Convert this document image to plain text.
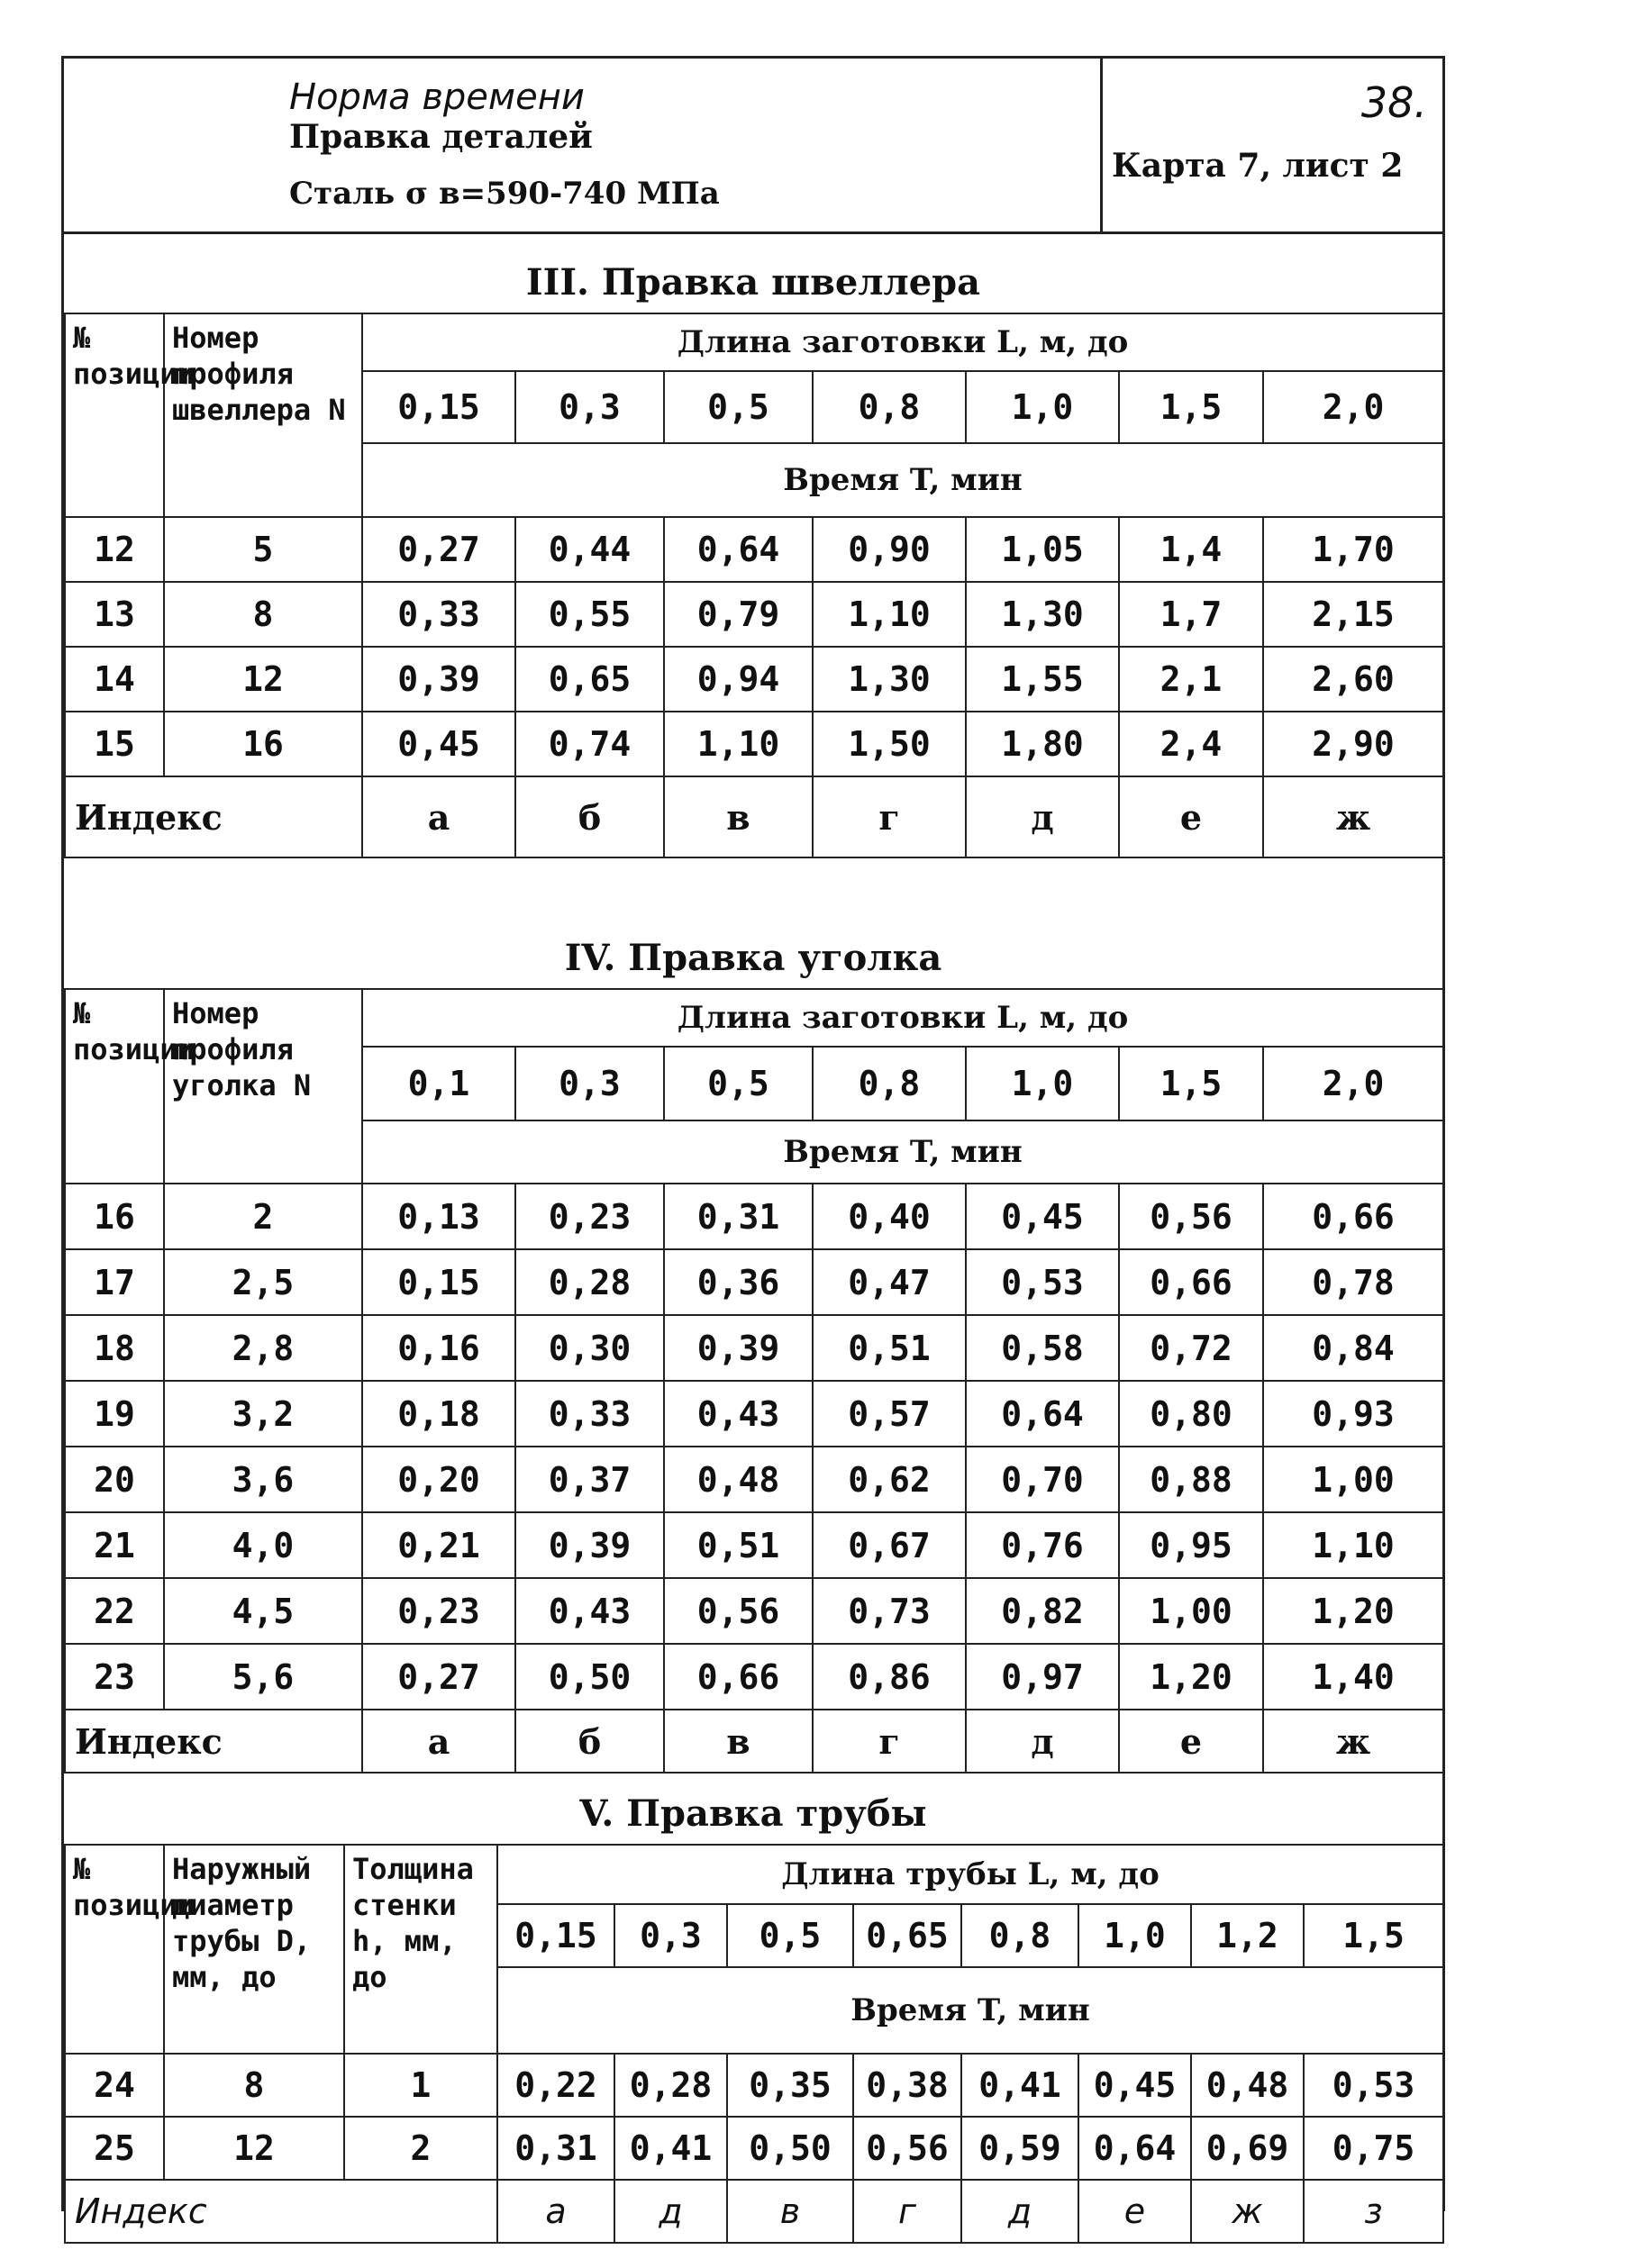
Норма времени
Правка деталей
Сталь σ в=590-740 МПа
38.
Карта 7, лист 2
III. Правка швеллера
№ позиции	Номер профиля швеллера N	Длина заготовки L, м, до						
		0,15	0,3	0,5	0,8	1,0	1,5	2,0
		Время T, мин						
12	5	0,27	0,44	0,64	0,90	1,05	1,4	1,70
13	8	0,33	0,55	0,79	1,10	1,30	1,7	2,15
14	12	0,39	0,65	0,94	1,30	1,55	2,1	2,60
15	16	0,45	0,74	1,10	1,50	1,80	2,4	2,90
Индекс		а	б	в	г	д	е	ж
IV. Правка уголка
№ позиции	Номер профиля уголка N	Длина заготовки L, м, до						
		0,1	0,3	0,5	0,8	1,0	1,5	2,0
		Время T, мин						
16	2	0,13	0,23	0,31	0,40	0,45	0,56	0,66
17	2,5	0,15	0,28	0,36	0,47	0,53	0,66	0,78
18	2,8	0,16	0,30	0,39	0,51	0,58	0,72	0,84
19	3,2	0,18	0,33	0,43	0,57	0,64	0,80	0,93
20	3,6	0,20	0,37	0,48	0,62	0,70	0,88	1,00
21	4,0	0,21	0,39	0,51	0,67	0,76	0,95	1,10
22	4,5	0,23	0,43	0,56	0,73	0,82	1,00	1,20
23	5,6	0,27	0,50	0,66	0,86	0,97	1,20	1,40
Индекс		а	б	в	г	д	е	ж
V. Правка трубы
№ позиции	Наружный диаметр трубы D, мм, до	Толщина стенки h, мм, до	Длина трубы L, м, до							
			0,15	0,3	0,5	0,65	0,8	1,0	1,2	1,5
			Время T, мин							
24	8	1	0,22	0,28	0,35	0,38	0,41	0,45	0,48	0,53
25	12	2	0,31	0,41	0,50	0,56	0,59	0,64	0,69	0,75
Индекс			а	д	в	г	д	е	ж	з
